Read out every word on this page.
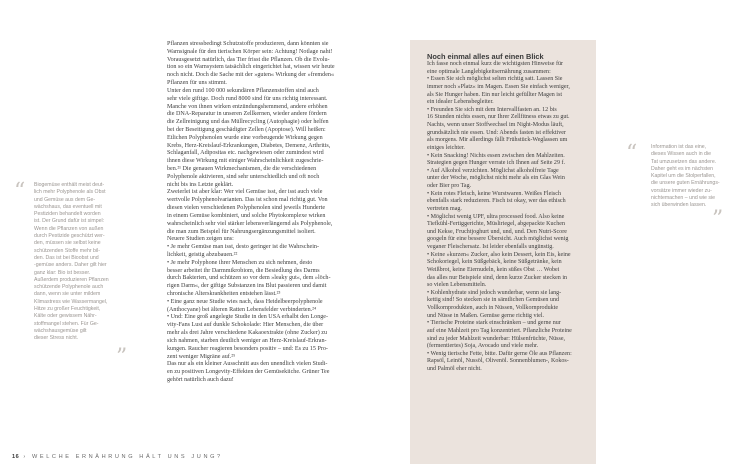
“ Biogemüse enthält meist deut-
lich mehr Polyphenole als Obst
und Gemüse aus dem Ge-
wächshaus, das eventuell mit
Pestiziden behandelt worden
ist. Der Grund dafür ist simpel:
Wenn die Pflanzen von außen
durch Pestizide geschützt wer-
den, müssen sie selbst keine
schützenden Stoffe mehr bil-
den. Das ist bei Bioobst und
-gemüse anders. Daher gilt hier
ganz klar: Bio ist besser.
Außerdem produzieren Pflanzen
schützende Polyphenole auch
dann, wenn sie unter mildem
Klimastress wie Wassermangel,
Hitze zu großer Feuchtigkeit,
Kälte oder gewissem Nähr-
stoffmangel stehen. Für Ge-
wächshausgemüse gilt
dieser Stress nicht.
”
Pflanzen stressbedingt Schutzstoffe produzieren, dann könnten sie
Warnsignale für den tierischen Körper sein: Achtung! Notlage naht!
Vorausgesetzt natürlich, das Tier frisst die Pflanzen. Ob die Evolu-
tion so ein Warnsystem tatsächlich eingerichtet hat, wissen wir heute
noch nicht. Doch die Sache mit der »guten« Wirkung der »fremden«
Pflanzen für uns stimmt.
Unter den rund 100 000 sekundären Pflanzenstoffen sind auch
sehr viele giftige. Doch rund 8000 sind für uns richtig interessant.
Manche von ihnen wirken entzündungshemmend, andere erhöhen
die DNA-Reparatur in unseren Zellkernen, wieder andere fördern
die Zellreinigung und das Müllrecycling (Autophagie) oder helfen
bei der Beseitigung geschädigter Zellen (Apoptose). Will heißen:
Etlichen Polyphenolen wurde eine vorbeugende Wirkung gegen
Krebs, Herz-Kreislauf-Erkrankungen, Diabetes, Demenz, Arthritis,
Schlaganfall, Adipositas etc. nachgewiesen oder zumindest wird
ihnen diese Wirkung mit einiger Wahrscheinlichkeit zugeschrie-
ben.²¹ Die genauen Wirkmechanismen, die die verschiedenen
Polyphenole aktivieren, sind sehr unterschiedlich und oft noch
nicht bis ins Letzte geklärt.
Zweierlei ist aber klar: Wer viel Gemüse isst, der isst auch viele
wertvolle Polyphenolvarianten. Das ist schon mal richtig gut. Von
diesen vielen verschiedenen Polyphenolen sind jeweils Hunderte
in einem Gemüse kombiniert, und solche Phytokomplexe wirken
wahrscheinlich sehr viel stärker lebensverlängernd als Polyphenole,
die man zum Beispiel für Nahrungsergänzungsmittel isoliert.
Neuere Studien zeigen uns:
• Je mehr Gemüse man isst, desto geringer ist die Wahrschein-
lichkeit, geistig abzubauen.²²
• Je mehr Polyphone ihrer Menschen zu sich nehmen, desto
besser arbeitet ihr Darmmikrobiom, die Besiedlung des Darms
durch Bakterien, und schützen so vor dem »leaky gut«, dem »löch-
rigen Darm«, der giftige Substanzen ins Blut passieren und damit
chronische Alterskrankheiten entstehen lässt.²³
• Eine ganz neue Studie wies nach, dass Heidelbeerpolyphenole
(Anthocyane) bei älteren Ratten Lebensfelder verbinderten.²⁴
• Und: Eine groß angelegte Studie in den USA erhalbt den Longe-
vity-Fans Lust auf dunkle Schokolade: Hier Menschen, die über
mehr als drei Jahre verschiedene Kakaoextrakte (ohne Zucker) zu
sich nahmen, starben deutlich weniger an Herz-Kreislauf-Erkran-
kungen. Raucher reagieren besonders positiv – und: Es zu 15 Pro-
zent weniger Migräne auf.²⁵
Das nur als ein kleiner Ausschnitt aus den unendlich vielen Studi-
en zu positiven Longevity-Effekten der Gemüsekiiche. Grüner Tee
gehört natürlich auch dazu!
Noch einmal alles auf einen Blick
Ich fasse noch einmal kurz die wichtigsten Hinweise für
eine optimale Langlebigkeitsernährung zusammen:
• Essen Sie sich möglichst selten richtig satt. Lassen Sie
immer noch »Platz« im Magen. Essen Sie einfach weniger,
als Sie Hunger haben. Ein nur leicht gefüllter Magen ist
ein idealer Lebensbegleiter.
• Freunden Sie sich mit dem Intervallfasten an. 12 bis
16 Stunden nichts essen, nur Ihrer Zellfitness etwas zu gut.
Nachts, wenn unser Stoffwechsel im Night-Modus läuft,
grundsätzlich nie essen. Und: Abends fasten ist effektiver
als morgens. Mir allerdings fällt Frühstück-Weglassen um
einiges leichter.
• Kein Snacking! Nichts essen zwischen den Mahlzeiten.
Strategien gegen Hunger verrate ich Ihnen auf Seite 29 f.
• Auf Alkohol verzichten. Möglichst alkoholfreie Tage
unter der Woche, möglichst nicht mehr als ein Glas Wein
oder Bier pro Tag.
• Kein rotes Fleisch, keine Wurstwaren. Weißes Fleisch
ebenfalls stark reduzieren. Fisch ist okay, wer das ethisch
vertreten mag.
• Möglichst wenig UPF, ultra processed food. Also keine
Tiefkühl-Fertiggerichte, Müsliriegel, abgepackte Kuchen
und Kekse, Fruchtjoghurt und, und, und. Den Nutri-Score
googeln für eine bessere Übersicht. Auch möglichst wenig
veganer Fleischersatz. Ist leider ebenfalls ungünstig.
• Keine »kurzen« Zucker, also kein Dessert, kein Eis, keine
Schokoriegel, kein Süßgebäck, keine Süßgetränke, kein
Weißbrot, keine Eiernudeln, kein süßes Obst … Wobei
das alles nur Beispiele sind, denn kurze Zucker stecken in
so vielen Lebensmitteln.
• Kohlenhydrate sind jedoch wunderbar, wenn sie lang-
kettig sind! So stecken sie in sämtlichen Gemüsen und
Vollkornprodukten, auch in Nüssen, Vollkornprodukte
und Nüsse in Maßen. Gemüse gerne richtig viel.
• Tierische Proteine stark einschränken – und gerne nur
auf eine Mahlzeit pro Tag konzentriert. Pflanzliche Proteine
sind zu jeder Mahlzeit wunderbar: Hülsenfrüchte, Nüsse,
(fermentiertes) Soja, Avocado und viele mehr.
• Wenig tierische Fette, bitte. Dafür gerne Öle aus Pflanzen:
Rapsöl, Leinöl, Nussöl, Olivenöl. Sonnenblumen-, Kokos-
und Palmöl eher nicht.
“	Information ist das eine,
dieses Wissen auch in die
Tat umzusetzen das andere.
Daher geht es im nächsten
Kapitel um die Stolperfallen,
die unsere guten Ernährungs-
vorsätze immer wieder zu-
nichtemachen – und wie sie
sich überwinden lassen.
”
16 › WELCHE ERNÄHRUNG HÄLT UNS JUNG?
